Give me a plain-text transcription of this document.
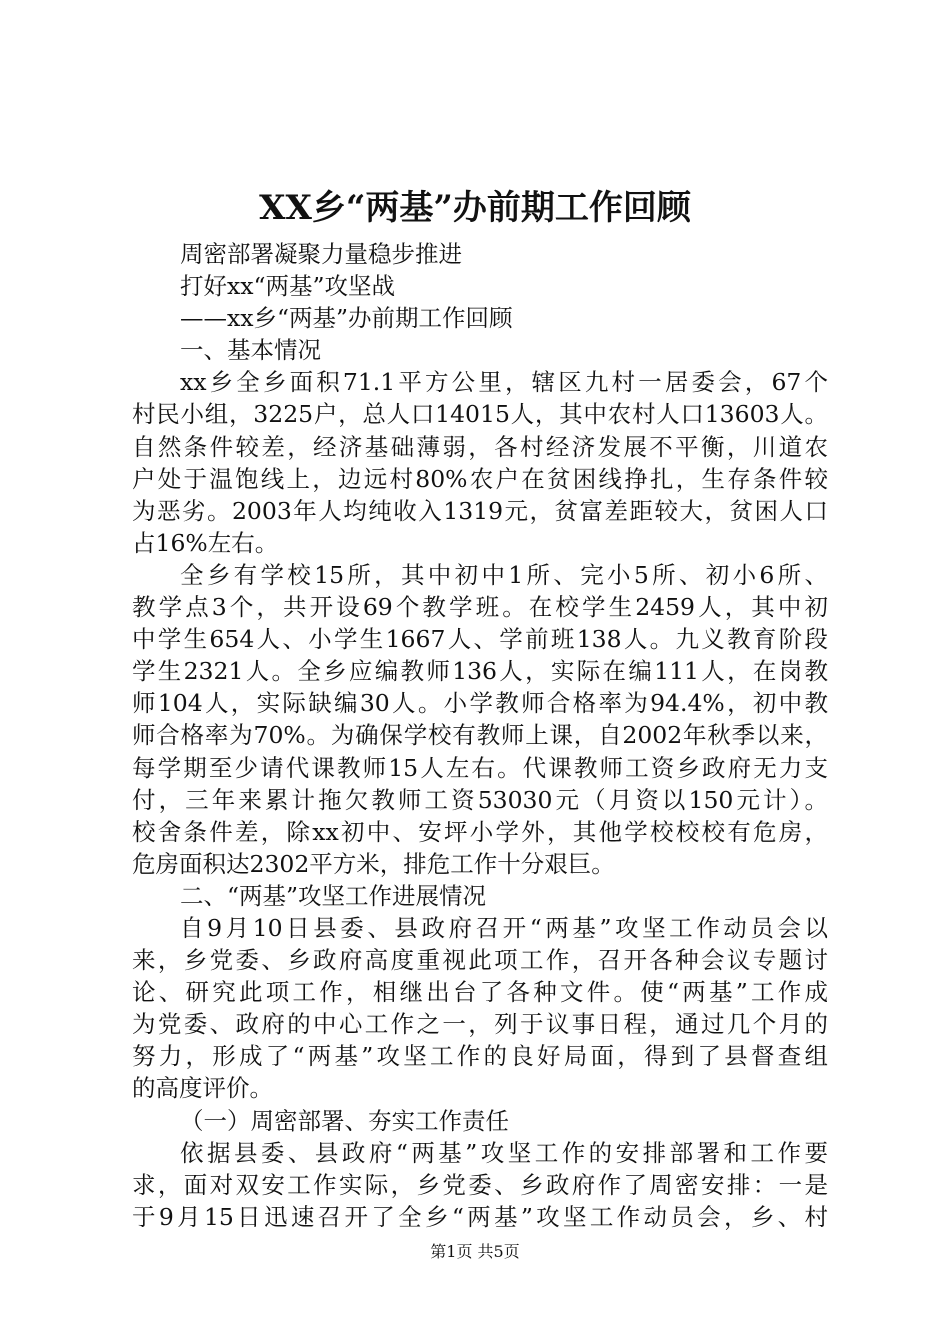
XX乡“两基”办前期工作回顾
周密部署凝聚力量稳步推进
打好xx“两基”攻坚战
——xx乡“两基”办前期工作回顾
一、基本情况
xx乡全乡面积71.1平方公里，辖区九村一居委会，67个
村民小组，3225户，总人口14015人，其中农村人口13603人。
自然条件较差，经济基础薄弱，各村经济发展不平衡，川道农
户处于温饱线上，边远村80%农户在贫困线挣扎，生存条件较
为恶劣。2003年人均纯收入1319元，贫富差距较大，贫困人口
占16%左右。
全乡有学校15所，其中初中1所、完小5所、初小6所、
教学点3个，共开设69个教学班。在校学生2459人，其中初
中学生654人、小学生1667人、学前班138人。九义教育阶段
学生2321人。全乡应编教师136人，实际在编111人，在岗教
师104人，实际缺编30人。小学教师合格率为94.4%，初中教
师合格率为70%。为确保学校有教师上课，自2002年秋季以来，
每学期至少请代课教师15人左右。代课教师工资乡政府无力支
付，三年来累计拖欠教师工资53030元（月资以150元计）。
校舍条件差，除xx初中、安坪小学外，其他学校校校有危房，
危房面积达2302平方米，排危工作十分艰巨。
二、“两基”攻坚工作进展情况
自9月10日县委、县政府召开“两基”攻坚工作动员会以
来，乡党委、乡政府高度重视此项工作，召开各种会议专题讨
论、研究此项工作，相继出台了各种文件。使“两基”工作成
为党委、政府的中心工作之一，列于议事日程，通过几个月的
努力，形成了“两基”攻坚工作的良好局面，得到了县督查组
的高度评价。
（一）周密部署、夯实工作责任
依据县委、县政府“两基”攻坚工作的安排部署和工作要
求，面对双安工作实际，乡党委、乡政府作了周密安排：一是
于9月15日迅速召开了全乡“两基”攻坚工作动员会，乡、村
第1页 共5页
